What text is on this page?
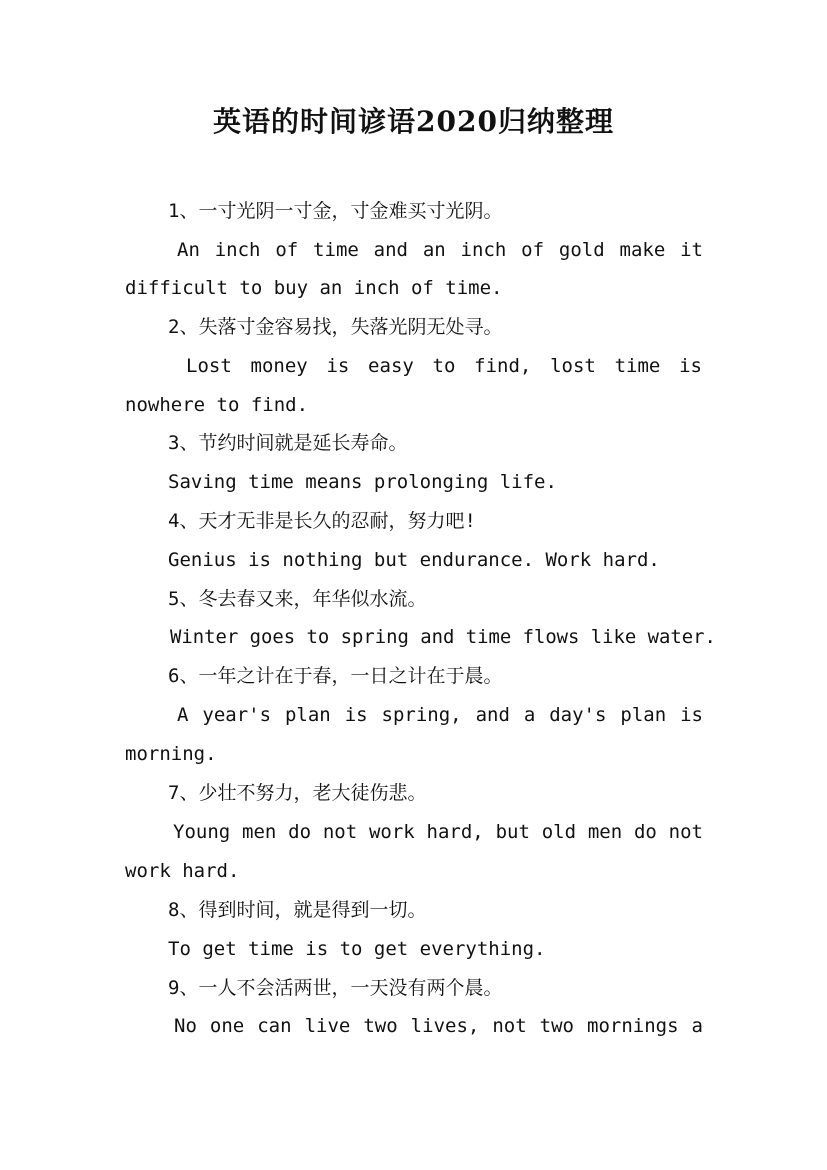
英语的时间谚语2020归纳整理

1、一寸光阴一寸金，寸金难买寸光阴。

An inch of time and an inch of gold make it

difficult to buy an inch of time.

2、失落寸金容易找，失落光阴无处寻。

Lost money is easy to find, lost time is

nowhere to find.

3、节约时间就是延长寿命。

Saving time means prolonging life.

4、天才无非是长久的忍耐，努力吧!

Genius is nothing but endurance. Work hard.

5、冬去春又来，年华似水流。

Winter goes to spring and time flows like water.

6、一年之计在于春，一日之计在于晨。

A year's plan is spring, and a day's plan is

morning.

7、少壮不努力，老大徒伤悲。

Young men do not work hard, but old men do not

work hard.

8、得到时间，就是得到一切。

To get time is to get everything.

9、一人不会活两世，一天没有两个晨。

No one can live two lives, not two mornings a
